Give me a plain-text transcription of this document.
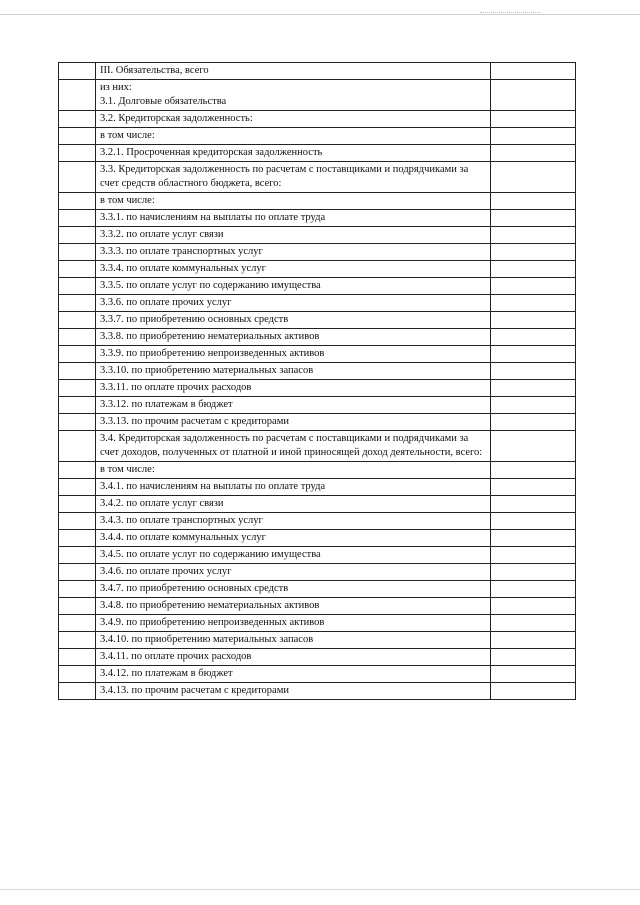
	III. Обязательства, всего	
	из них:
3.1. Долговые обязательства	
	3.2. Кредиторская задолженность:	
	в том числе:	
	3.2.1. Просроченная кредиторская задолженность	
	3.3. Кредиторская задолженность по расчетам с поставщиками и подрядчиками за счет средств областного бюджета, всего:	
	в том числе:	
	3.3.1. по начислениям на выплаты по оплате труда	
	3.3.2. по оплате услуг связи	
	3.3.3. по оплате транспортных услуг	
	3.3.4. по оплате коммунальных услуг	
	3.3.5. по оплате услуг по содержанию имущества	
	3.3.6. по оплате прочих услуг	
	3.3.7. по приобретению основных средств	
	3.3.8. по приобретению нематериальных активов	
	3.3.9. по приобретению непроизведенных активов	
	3.3.10. по приобретению материальных запасов	
	3.3.11. по оплате прочих расходов	
	3.3.12. по платежам в бюджет	
	3.3.13. по прочим расчетам с кредиторами	
	3.4. Кредиторская задолженность по расчетам с поставщиками и подрядчиками за счет доходов, полученных от платной и иной приносящей доход деятельности, всего:	
	в том числе:	
	3.4.1. по начислениям на выплаты по оплате труда	
	3.4.2. по оплате услуг связи	
	3.4.3. по оплате транспортных услуг	
	3.4.4. по оплате коммунальных услуг	
	3.4.5. по оплате услуг по содержанию имущества	
	3.4.6. по оплате прочих услуг	
	3.4.7. по приобретению основных средств	
	3.4.8. по приобретению нематериальных активов	
	3.4.9. по приобретению непроизведенных активов	
	3.4.10. по приобретению материальных запасов	
	3.4.11. по оплате прочих расходов	
	3.4.12. по платежам в бюджет	
	3.4.13. по прочим расчетам с кредиторами	
